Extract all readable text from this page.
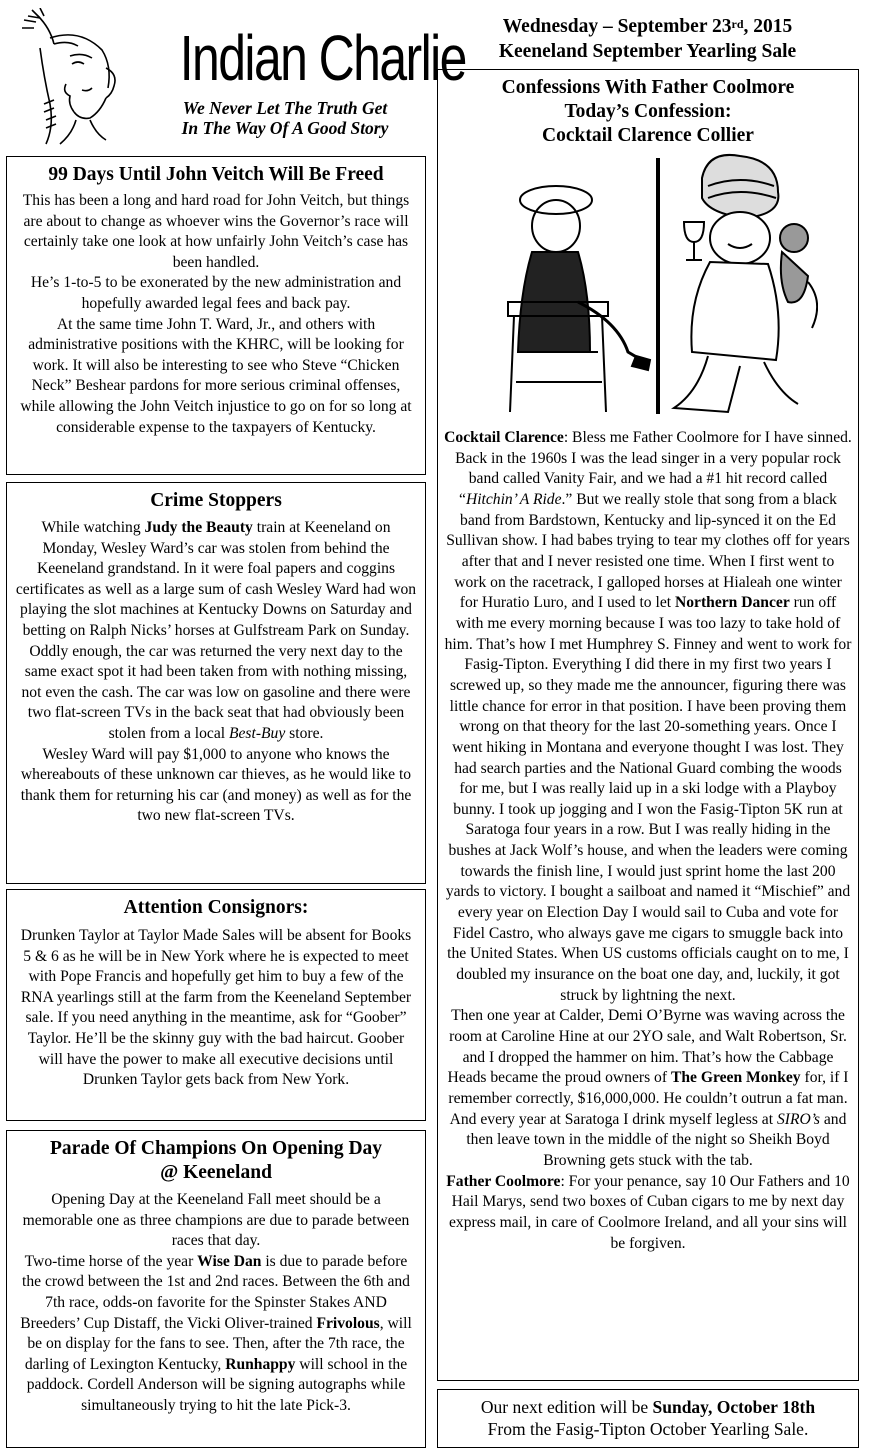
Indian Charlie
We Never Let The Truth Get
In The Way Of A Good Story
Wednesday – September 23rd, 2015
Keeneland September Yearling Sale
99 Days Until John Veitch Will Be Freed

This has been a long and hard road for John Veitch, but things are about to change as whoever wins the Governor’s race will certainly take one look at how unfairly John Veitch’s case has been handled.

He’s 1-to-5 to be exonerated by the new administration and hopefully awarded legal fees and back pay.

At the same time John T. Ward, Jr., and others with administrative positions with the KHRC, will be looking for work. It will also be interesting to see who Steve “Chicken Neck” Beshear pardons for more serious criminal offenses, while allowing the John Veitch injustice to go on for so long at considerable expense to the taxpayers of Kentucky.

Crime Stoppers

While watching Judy the Beauty train at Keeneland on Monday, Wesley Ward’s car was stolen from behind the Keeneland grandstand. In it were foal papers and coggins certificates as well as a large sum of cash Wesley Ward had won playing the slot machines at Kentucky Downs on Saturday and betting on Ralph Nicks’ horses at Gulfstream Park on Sunday. Oddly enough, the car was returned the very next day to the same exact spot it had been taken from with nothing missing, not even the cash. The car was low on gasoline and there were two flat-screen TVs in the back seat that had obviously been stolen from a local Best-Buy store.

Wesley Ward will pay $1,000 to anyone who knows the whereabouts of these unknown car thieves, as he would like to thank them for returning his car (and money) as well as for the two new flat-screen TVs.

Attention Consignors:

Drunken Taylor at Taylor Made Sales will be absent for Books 5 & 6 as he will be in New York where he is expected to meet with Pope Francis and hopefully get him to buy a few of the RNA yearlings still at the farm from the Keeneland September sale. If you need anything in the meantime, ask for “Goober” Taylor. He’ll be the skinny guy with the bad haircut. Goober will have the power to make all executive decisions until Drunken Taylor gets back from New York.

Parade Of Champions On Opening Day
@ Keeneland

Opening Day at the Keeneland Fall meet should be a memorable one as three champions are due to parade between races that day.

Two-time horse of the year Wise Dan is due to parade before the crowd between the 1st and 2nd races. Between the 6th and 7th race, odds-on favorite for the Spinster Stakes AND Breeders’ Cup Distaff, the Vicki Oliver-trained Frivolous, will be on display for the fans to see. Then, after the 7th race, the darling of Lexington Kentucky, Runhappy will school in the paddock. Cordell Anderson will be signing autographs while simultaneously trying to hit the late Pick-3.

Confessions With Father Coolmore
Today’s Confession:
Cocktail Clarence Collier

Cocktail Clarence: Bless me Father Coolmore for I have sinned. Back in the 1960s I was the lead singer in a very popular rock band called Vanity Fair, and we had a #1 hit record called “Hitchin’ A Ride.” But we really stole that song from a black band from Bardstown, Kentucky and lip-synced it on the Ed Sullivan show. I had babes trying to tear my clothes off for years after that and I never resisted one time. When I first went to work on the racetrack, I galloped horses at Hialeah one winter for Huratio Luro, and I used to let Northern Dancer run off with me every morning because I was too lazy to take hold of him. That’s how I met Humphrey S. Finney and went to work for Fasig-Tipton. Everything I did there in my first two years I screwed up, so they made me the announcer, figuring there was little chance for error in that position. I have been proving them wrong on that theory for the last 20-something years. Once I went hiking in Montana and everyone thought I was lost. They had search parties and the National Guard combing the woods for me, but I was really laid up in a ski lodge with a Playboy bunny. I took up jogging and I won the Fasig-Tipton 5K run at Saratoga four years in a row. But I was really hiding in the bushes at Jack Wolf’s house, and when the leaders were coming towards the finish line, I would just sprint home the last 200 yards to victory. I bought a sailboat and named it “Mischief” and every year on Election Day I would sail to Cuba and vote for Fidel Castro, who always gave me cigars to smuggle back into the United States. When US customs officials caught on to me, I doubled my insurance on the boat one day, and, luckily, it got struck by lightning the next.

Then one year at Calder, Demi O’Byrne was waving across the room at Caroline Hine at our 2YO sale, and Walt Robertson, Sr. and I dropped the hammer on him. That’s how the Cabbage Heads became the proud owners of The Green Monkey for, if I remember correctly, $16,000,000. He couldn’t outrun a fat man. And every year at Saratoga I drink myself legless at SIRO’s and then leave town in the middle of the night so Sheikh Boyd Browning gets stuck with the tab.

Father Coolmore: For your penance, say 10 Our Fathers and 10 Hail Marys, send two boxes of Cuban cigars to me by next day express mail, in care of Coolmore Ireland, and all your sins will be forgiven.

Our next edition will be Sunday, October 18th

From the Fasig-Tipton October Yearling Sale.
